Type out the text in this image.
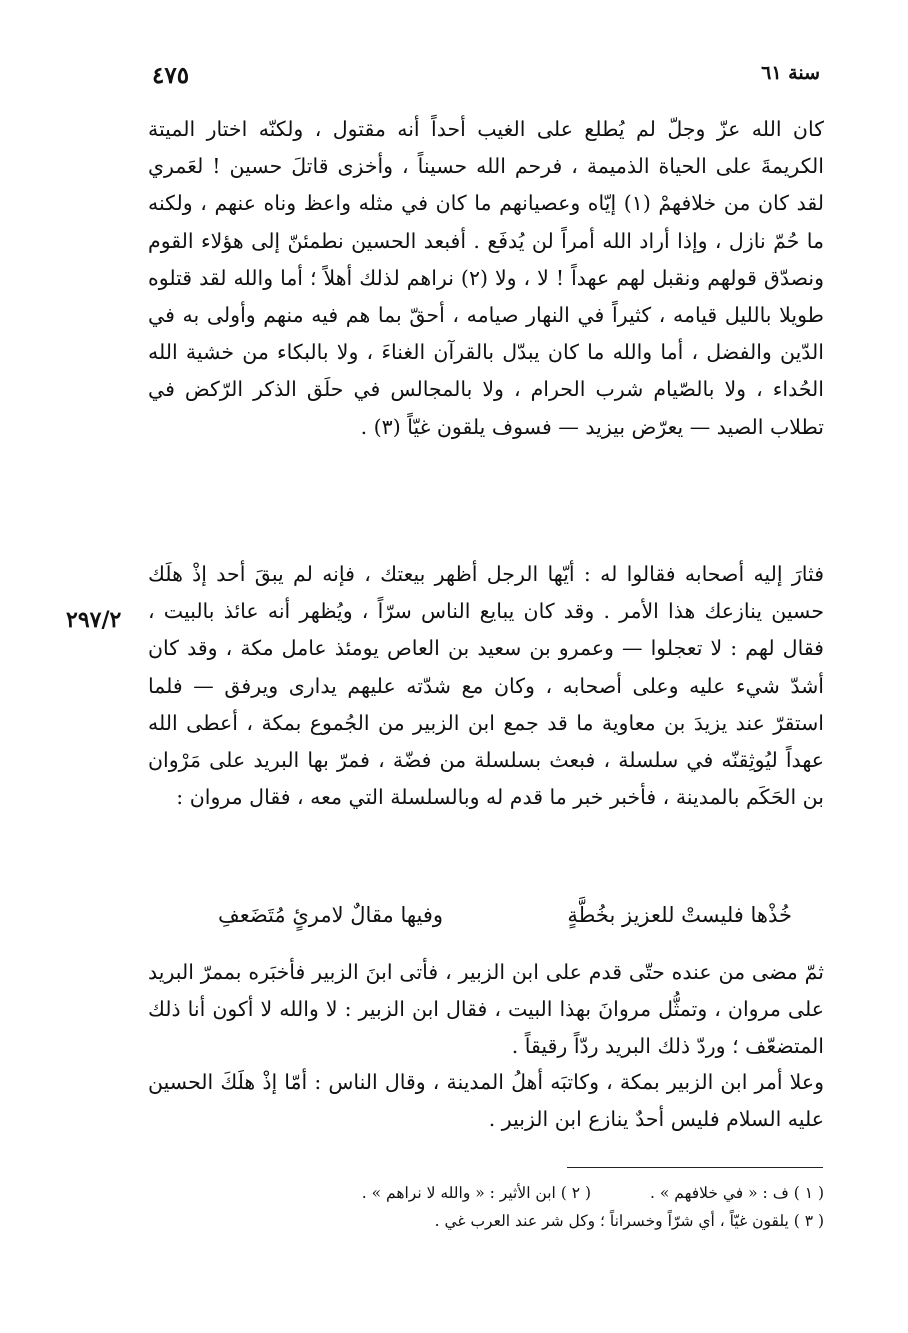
٤٧٥	سنة ٦١
٢٩٧/٢

كان الله عزّ وجلّ لم يُطلع على الغيب أحداً أنه مقتول ، ولكنّه اختار الميتة الكريمةَ على الحياة الذميمة ، فرحم الله حسيناً ، وأخزى قاتلَ حسين ! لعَمري لقد كان من خلافهمْ (١) إيّاه وعصيانهم ما كان في مثله واعظ وناه عنهم ، ولكنه ما حُمّ نازل ، وإذا أراد الله أمراً لن يُدفَع . أفبعد الحسين نطمئنّ إلى هؤلاء القوم ونصدّق قولهم ونقبل لهم عهداً ! لا ، ولا (٢) نراهم لذلك أهلاً ؛ أما والله لقد قتلوه طويلا بالليل قيامه ، كثيراً في النهار صيامه ، أحقّ بما هم فيه منهم وأولى به في الدّين والفضل ، أما والله ما كان يبدّل بالقرآن الغناءَ ، ولا بالبكاء من خشية الله الحُداء ، ولا بالصّيام شرب الحرام ، ولا بالمجالس في حلَق الذكر الرّكض في تطلاب الصيد — يعرّض بيزيد — فسوف يلقون غيّاً (٣) .

فثارَ إليه أصحابه فقالوا له : أيّها الرجل أظهر بيعتك ، فإنه لم يبقَ أحد إذْ هلَك حسين ينازعك هذا الأمر . وقد كان يبايع الناس سرّاً ، ويُظهر أنه عائذ بالبيت ، فقال لهم : لا تعجلوا — وعمرو بن سعيد بن العاص يومئذ عامل مكة ، وقد كان أشدّ شيء عليه وعلى أصحابه ، وكان مع شدّته عليهم يدارى ويرفق — فلما استقرّ عند يزيدَ بن معاوية ما قد جمع ابن الزبير من الجُموع بمكة ، أعطى الله عهداً ليُوثِقنّه في سلسلة ، فبعث بسلسلة من فضّة ، فمرّ بها البريد على مَرْوان بن الحَكَم بالمدينة ، فأخبر خبر ما قدم له وبالسلسلة التي معه ، فقال مروان :

خُذْها فليستْ للعزيز بخُطَّةٍ
وفيها مقالٌ لامرئٍ مُتَضَعفِ

ثمّ مضى من عنده حتّى قدم على ابن الزبير ، فأتى ابنَ الزبير فأخبَره بممرّ البريد على مروان ، وتمثُّل مروانَ بهذا البيت ، فقال ابن الزبير : لا والله لا أكون أنا ذلك المتضعّف ؛ وردّ ذلك البريد ردّاً رقيقاً .

وعلا أمر ابن الزبير بمكة ، وكاتبَه أهلُ المدينة ، وقال الناس : أمّا إذْ هلَكَ الحسين عليه السلام فليس أحدٌ ينازع ابن الزبير .

( ١ ) ف : « في خلافهم » . ( ٢ ) ابن الأثير : « والله لا نراهم » .
( ٣ ) يلقون غيّاً ، أي شرّاً وخسراناً ؛ وكل شر عند العرب غي .
